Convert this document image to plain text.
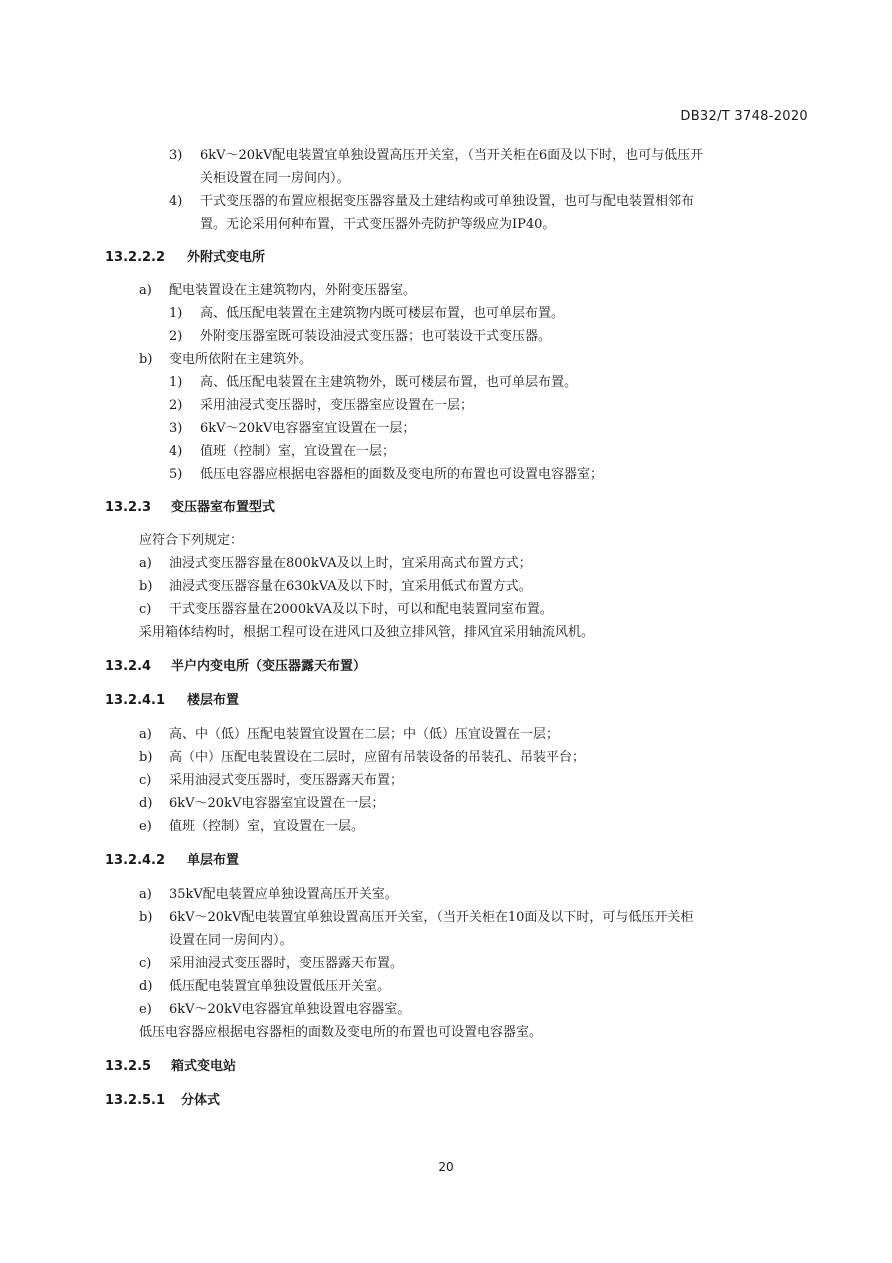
DB32/T 3748-2020
3) 6kV～20kV配电装置宜单独设置高压开关室，（当开关柜在6面及以下时，也可与低压开
关柜设置在同一房间内）。
4) 干式变压器的布置应根据变压器容量及土建结构或可单独设置，也可与配电装置相邻布
置。无论采用何种布置，干式变压器外壳防护等级应为IP40。
13.2.2.2 外附式变电所
a) 配电装置设在主建筑物内，外附变压器室。
1) 高、低压配电装置在主建筑物内既可楼层布置，也可单层布置。
2) 外附变压器室既可装设油浸式变压器；也可装设干式变压器。
b) 变电所依附在主建筑外。
1) 高、低压配电装置在主建筑物外，既可楼层布置，也可单层布置。
2) 采用油浸式变压器时，变压器室应设置在一层；
3) 6kV～20kV电容器室宜设置在一层；
4) 值班（控制）室，宜设置在一层；
5) 低压电容器应根据电容器柜的面数及变电所的布置也可设置电容器室；
13.2.3 变压器室布置型式
应符合下列规定：
a) 油浸式变压器容量在800kVA及以上时，宜采用高式布置方式；
b) 油浸式变压器容量在630kVA及以下时，宜采用低式布置方式。
c) 干式变压器容量在2000kVA及以下时，可以和配电装置同室布置。
采用箱体结构时，根据工程可设在进风口及独立排风管，排风宜采用轴流风机。
13.2.4 半户内变电所（变压器露天布置）
13.2.4.1 楼层布置
a) 高、中（低）压配电装置宜设置在二层；中（低）压宜设置在一层；
b) 高（中）压配电装置设在二层时，应留有吊装设备的吊装孔、吊装平台；
c) 采用油浸式变压器时，变压器露天布置；
d) 6kV～20kV电容器室宜设置在一层；
e) 值班（控制）室，宜设置在一层。
13.2.4.2 单层布置
a) 35kV配电装置应单独设置高压开关室。
b) 6kV～20kV配电装置宜单独设置高压开关室，（当开关柜在10面及以下时，可与低压开关柜
设置在同一房间内）。
c) 采用油浸式变压器时，变压器露天布置。
d) 低压配电装置宜单独设置低压开关室。
e) 6kV～20kV电容器宜单独设置电容器室。
低压电容器应根据电容器柜的面数及变电所的布置也可设置电容器室。
13.2.5 箱式变电站
13.2.5.1 分体式
20
